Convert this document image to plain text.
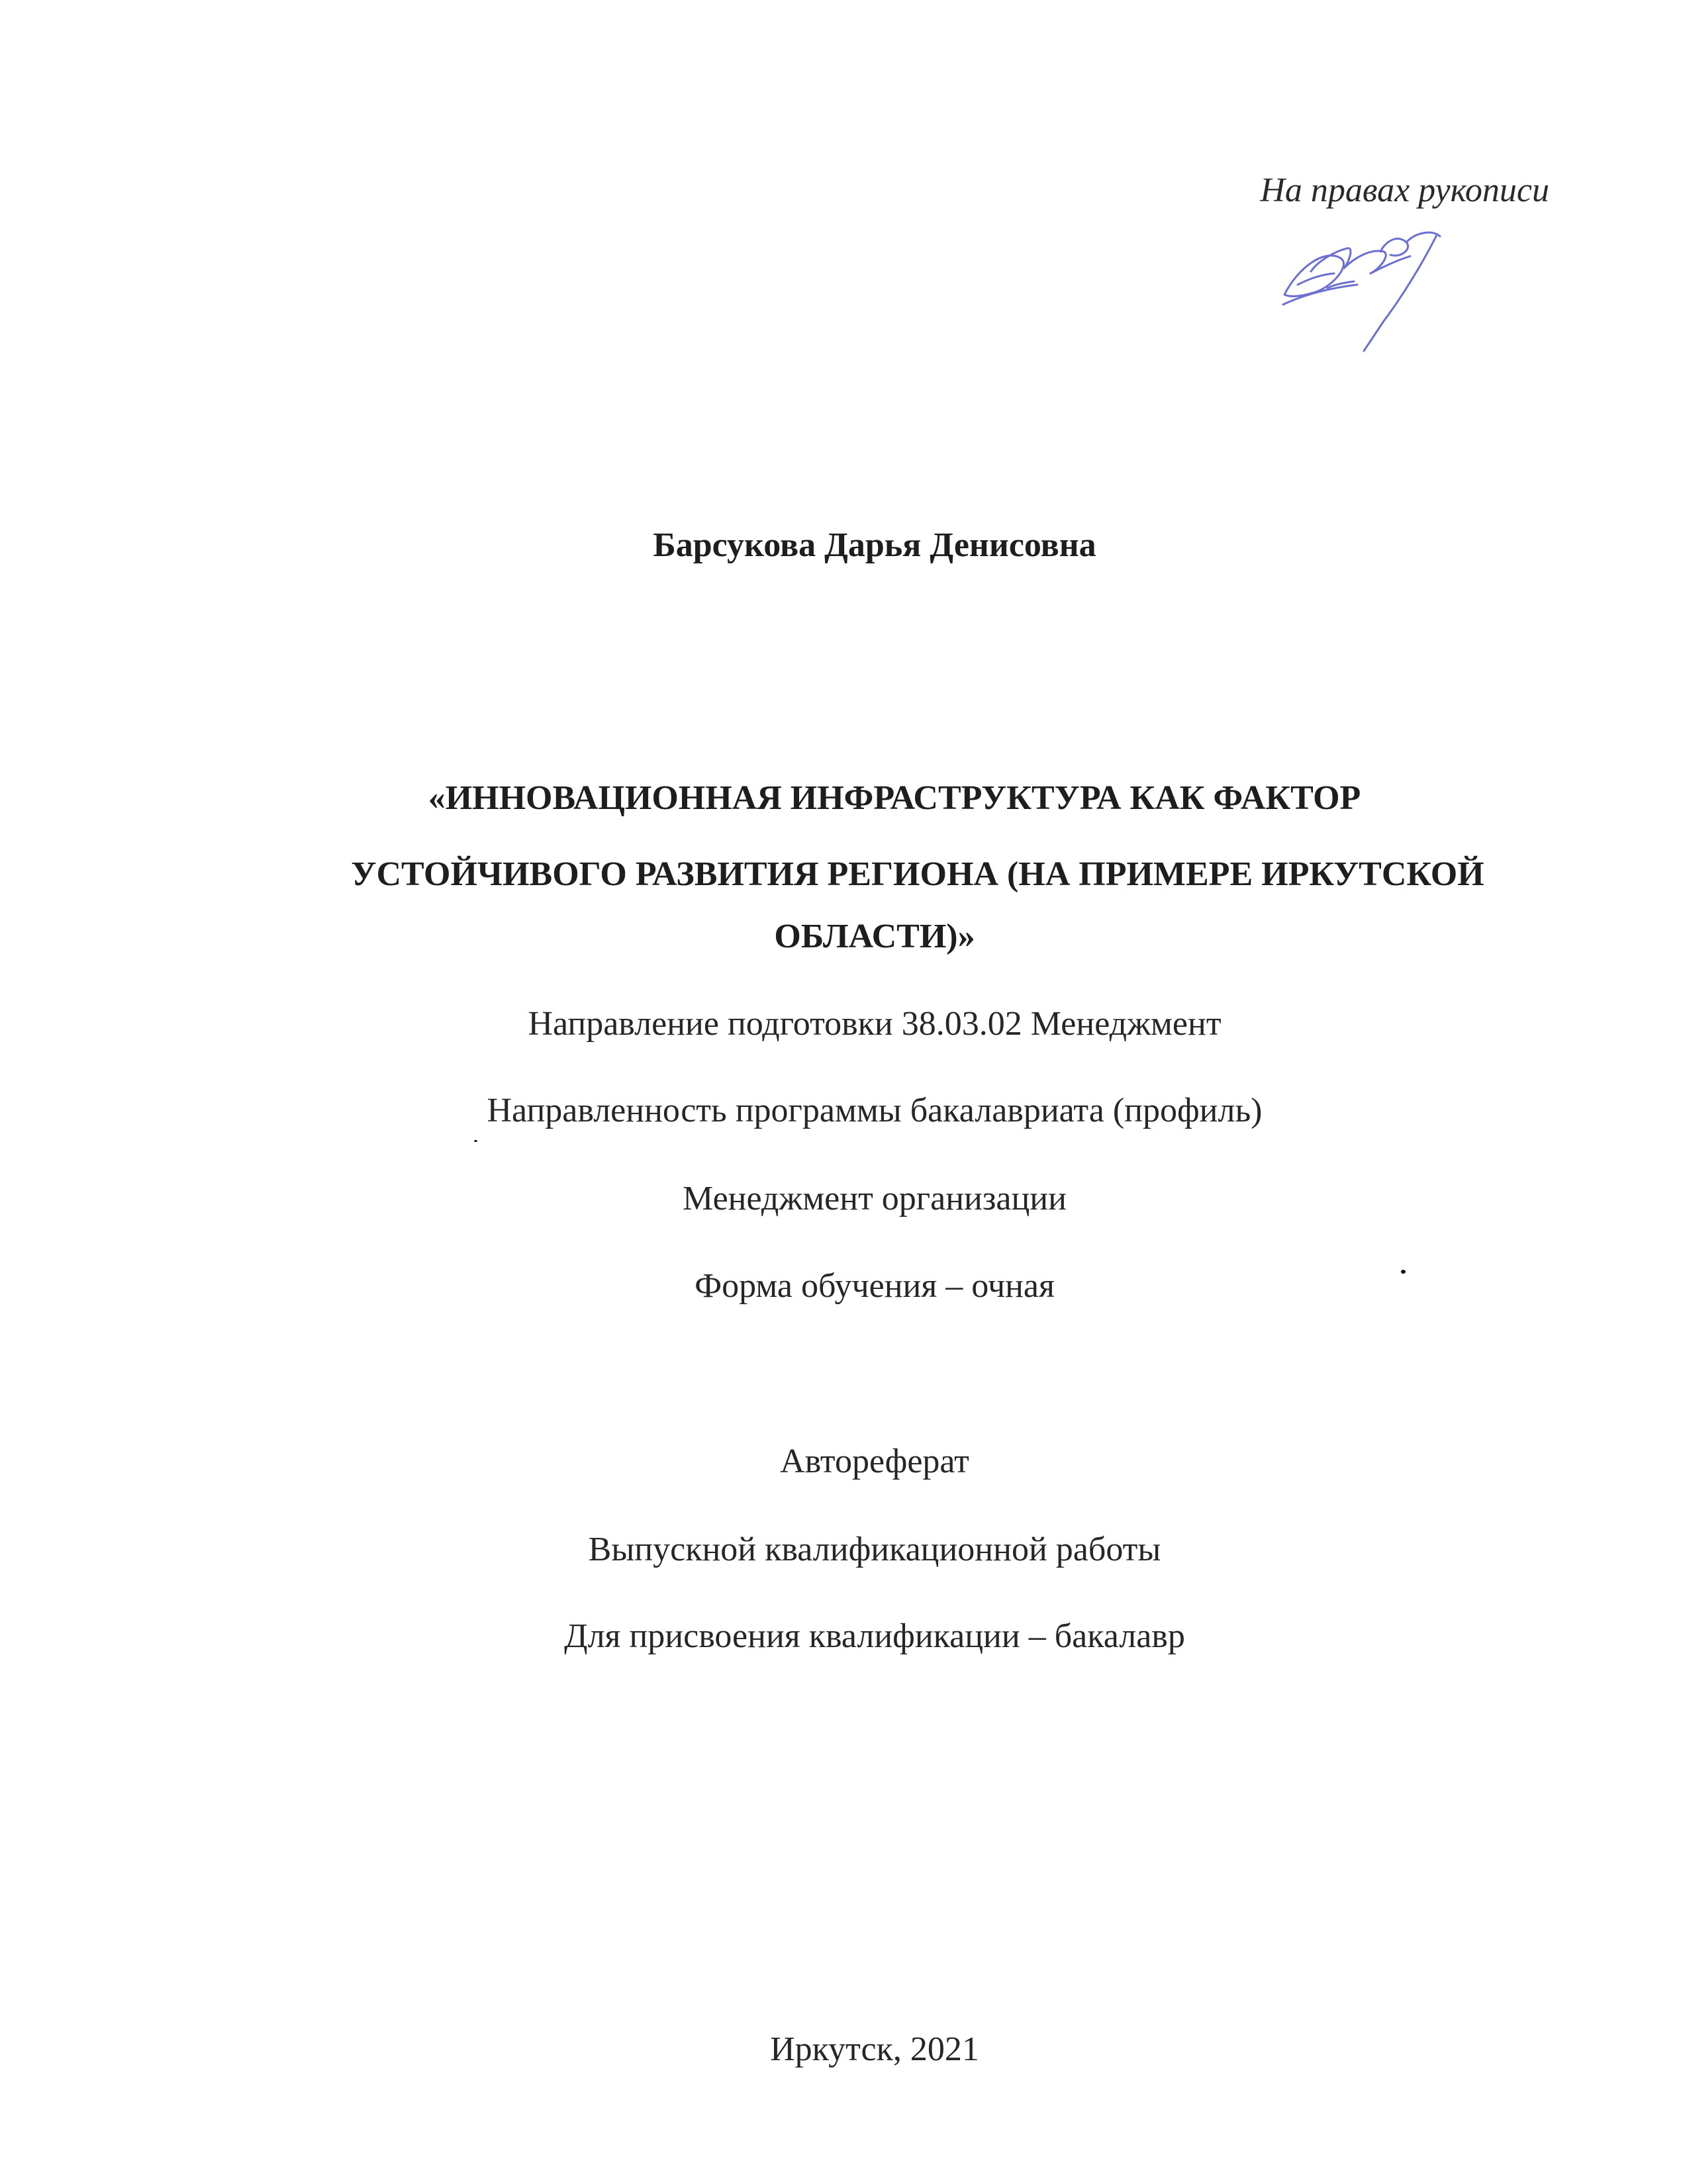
На правах рукописи

Барсукова Дарья Денисовна

«ИННОВАЦИОННАЯ ИНФРАСТРУКТУРА КАК ФАКТОР

УСТОЙЧИВОГО РАЗВИТИЯ РЕГИОНА (НА ПРИМЕРЕ ИРКУТСКОЙ

ОБЛАСТИ)»

Направление подготовки 38.03.02 Менеджмент

Направленность программы бакалавриата (профиль)

Менеджмент организации

Форма обучения – очная

Автореферат

Выпускной квалификационной работы

Для присвоения квалификации – бакалавр

Иркутск, 2021
